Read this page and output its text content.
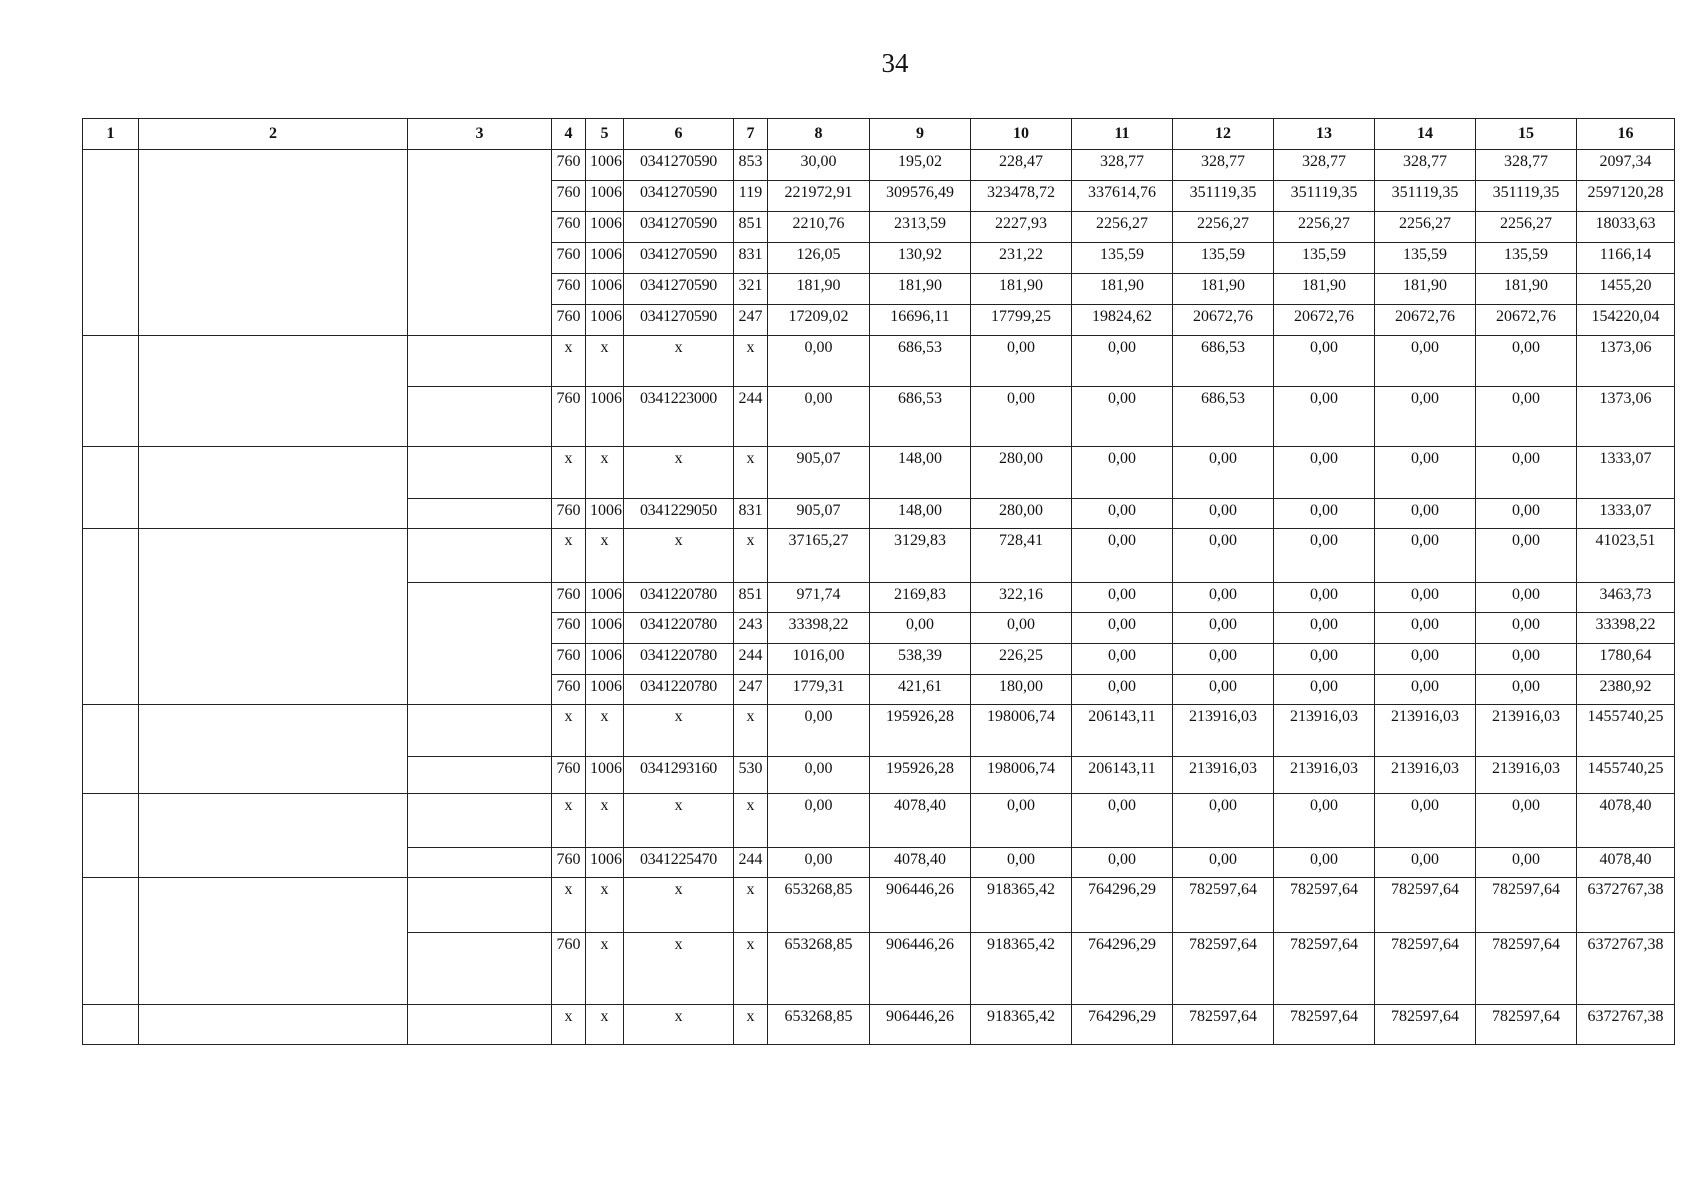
34
1	2	3	4	5	6	7	8	9	10	11	12	13	14	15	16
			760	1006	0341270590	853	30,00	195,02	228,47	328,77	328,77	328,77	328,77	328,77	2097,34
			760	1006	0341270590	119	221972,91	309576,49	323478,72	337614,76	351119,35	351119,35	351119,35	351119,35	2597120,28
			760	1006	0341270590	851	2210,76	2313,59	2227,93	2256,27	2256,27	2256,27	2256,27	2256,27	18033,63
			760	1006	0341270590	831	126,05	130,92	231,22	135,59	135,59	135,59	135,59	135,59	1166,14
			760	1006	0341270590	321	181,90	181,90	181,90	181,90	181,90	181,90	181,90	181,90	1455,20
			760	1006	0341270590	247	17209,02	16696,11	17799,25	19824,62	20672,76	20672,76	20672,76	20672,76	154220,04
			x	x	x	x	0,00	686,53	0,00	0,00	686,53	0,00	0,00	0,00	1373,06
			760	1006	0341223000	244	0,00	686,53	0,00	0,00	686,53	0,00	0,00	0,00	1373,06
			x	x	x	x	905,07	148,00	280,00	0,00	0,00	0,00	0,00	0,00	1333,07
			760	1006	0341229050	831	905,07	148,00	280,00	0,00	0,00	0,00	0,00	0,00	1333,07
			x	x	x	x	37165,27	3129,83	728,41	0,00	0,00	0,00	0,00	0,00	41023,51
			760	1006	0341220780	851	971,74	2169,83	322,16	0,00	0,00	0,00	0,00	0,00	3463,73
			760	1006	0341220780	243	33398,22	0,00	0,00	0,00	0,00	0,00	0,00	0,00	33398,22
			760	1006	0341220780	244	1016,00	538,39	226,25	0,00	0,00	0,00	0,00	0,00	1780,64
			760	1006	0341220780	247	1779,31	421,61	180,00	0,00	0,00	0,00	0,00	0,00	2380,92
			x	x	x	x	0,00	195926,28	198006,74	206143,11	213916,03	213916,03	213916,03	213916,03	1455740,25
			760	1006	0341293160	530	0,00	195926,28	198006,74	206143,11	213916,03	213916,03	213916,03	213916,03	1455740,25
			x	x	x	x	0,00	4078,40	0,00	0,00	0,00	0,00	0,00	0,00	4078,40
			760	1006	0341225470	244	0,00	4078,40	0,00	0,00	0,00	0,00	0,00	0,00	4078,40
			x	x	x	x	653268,85	906446,26	918365,42	764296,29	782597,64	782597,64	782597,64	782597,64	6372767,38
			760	x	x	x	653268,85	906446,26	918365,42	764296,29	782597,64	782597,64	782597,64	782597,64	6372767,38
			x	x	x	x	653268,85	906446,26	918365,42	764296,29	782597,64	782597,64	782597,64	782597,64	6372767,38
